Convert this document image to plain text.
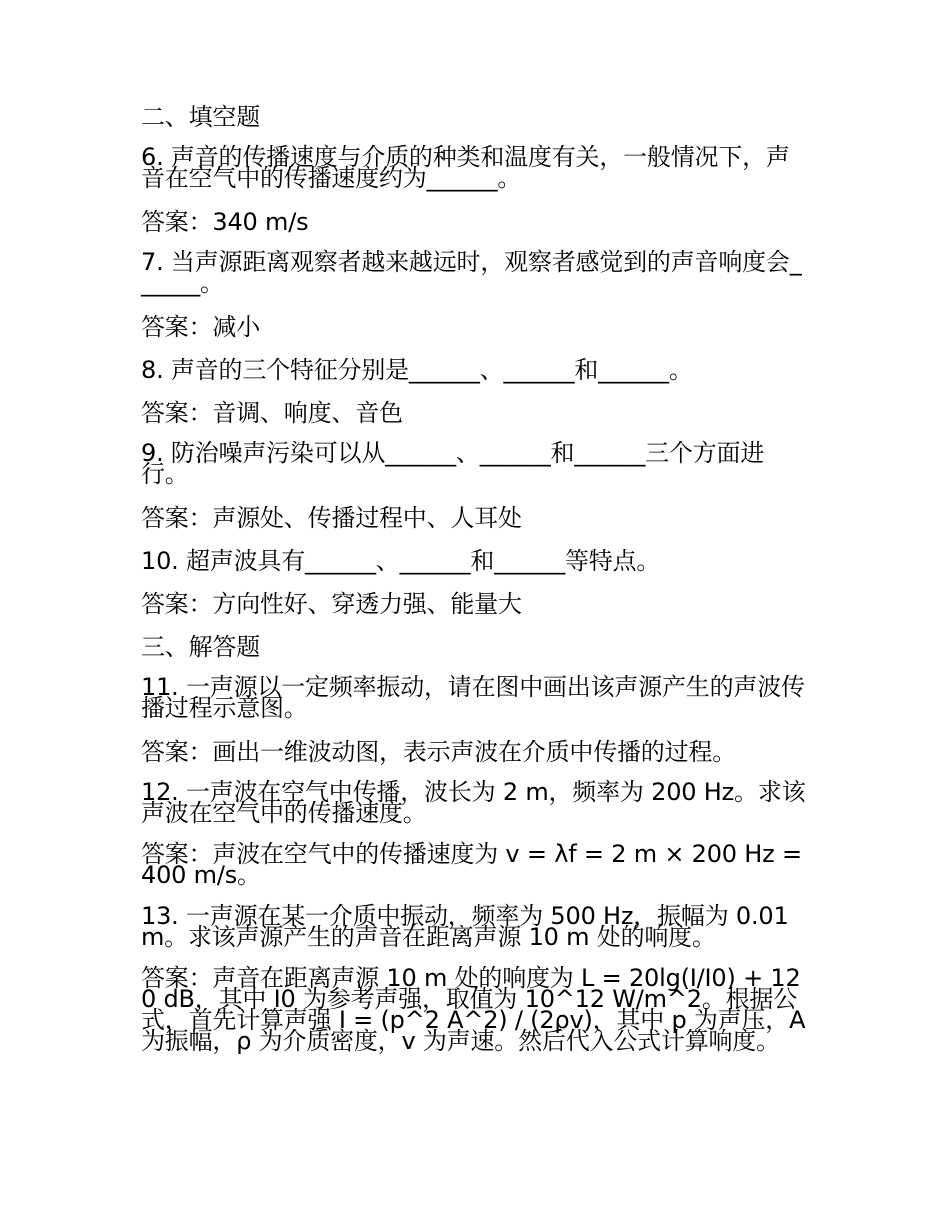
二、填空题

6. 声音的传播速度与介质的种类和温度有关，一般情况下，声音在空气中的传播速度约为______。

答案：340 m/s

7. 当声源距离观察者越来越远时，观察者感觉到的声音响度会______。

答案：减小

8. 声音的三个特征分别是______、______和______。

答案：音调、响度、音色

9. 防治噪声污染可以从______、______和______三个方面进行。

答案：声源处、传播过程中、人耳处

10. 超声波具有______、______和______等特点。

答案：方向性好、穿透力强、能量大

三、解答题

11. 一声源以一定频率振动，请在图中画出该声源产生的声波传播过程示意图。

答案：画出一维波动图，表示声波在介质中传播的过程。

12. 一声波在空气中传播，波长为 2 m，频率为 200 Hz。求该声波在空气中的传播速度。

答案：声波在空气中的传播速度为 v = λf = 2 m × 200 Hz = 400 m/s。

13. 一声源在某一介质中振动，频率为 500 Hz，振幅为 0.01 m。求该声源产生的声音在距离声源 10 m 处的响度。

答案：声音在距离声源 10 m 处的响度为 L = 20lg(I/I0) + 120 dB，其中 I0 为参考声强，取值为 10^12 W/m^2。根据公式，首先计算声强 I = (p^2 A^2) / (2ρv)，其中 p 为声压，A 为振幅，ρ 为介质密度，v 为声速。然后代入公式计算响度。
